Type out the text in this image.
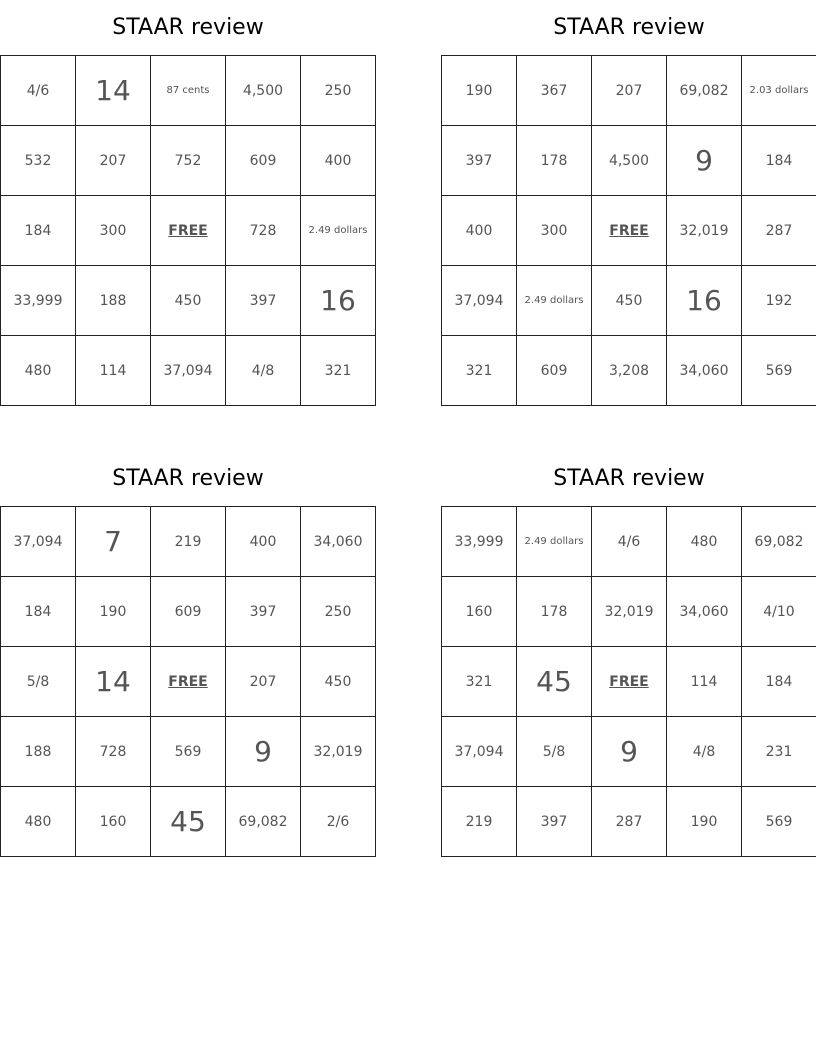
STAAR review
4/6	14	87 cents	4,500	250
532	207	752	609	400
184	300	FREE	728	2.49 dollars
33,999	188	450	397	16
480	114	37,094	4/8	321
STAAR review
190	367	207	69,082	2.03 dollars
397	178	4,500	9	184
400	300	FREE	32,019	287
37,094	2.49 dollars	450	16	192
321	609	3,208	34,060	569
STAAR review
37,094	7	219	400	34,060
184	190	609	397	250
5/8	14	FREE	207	450
188	728	569	9	32,019
480	160	45	69,082	2/6
STAAR review
33,999	2.49 dollars	4/6	480	69,082
160	178	32,019	34,060	4/10
321	45	FREE	114	184
37,094	5/8	9	4/8	231
219	397	287	190	569
